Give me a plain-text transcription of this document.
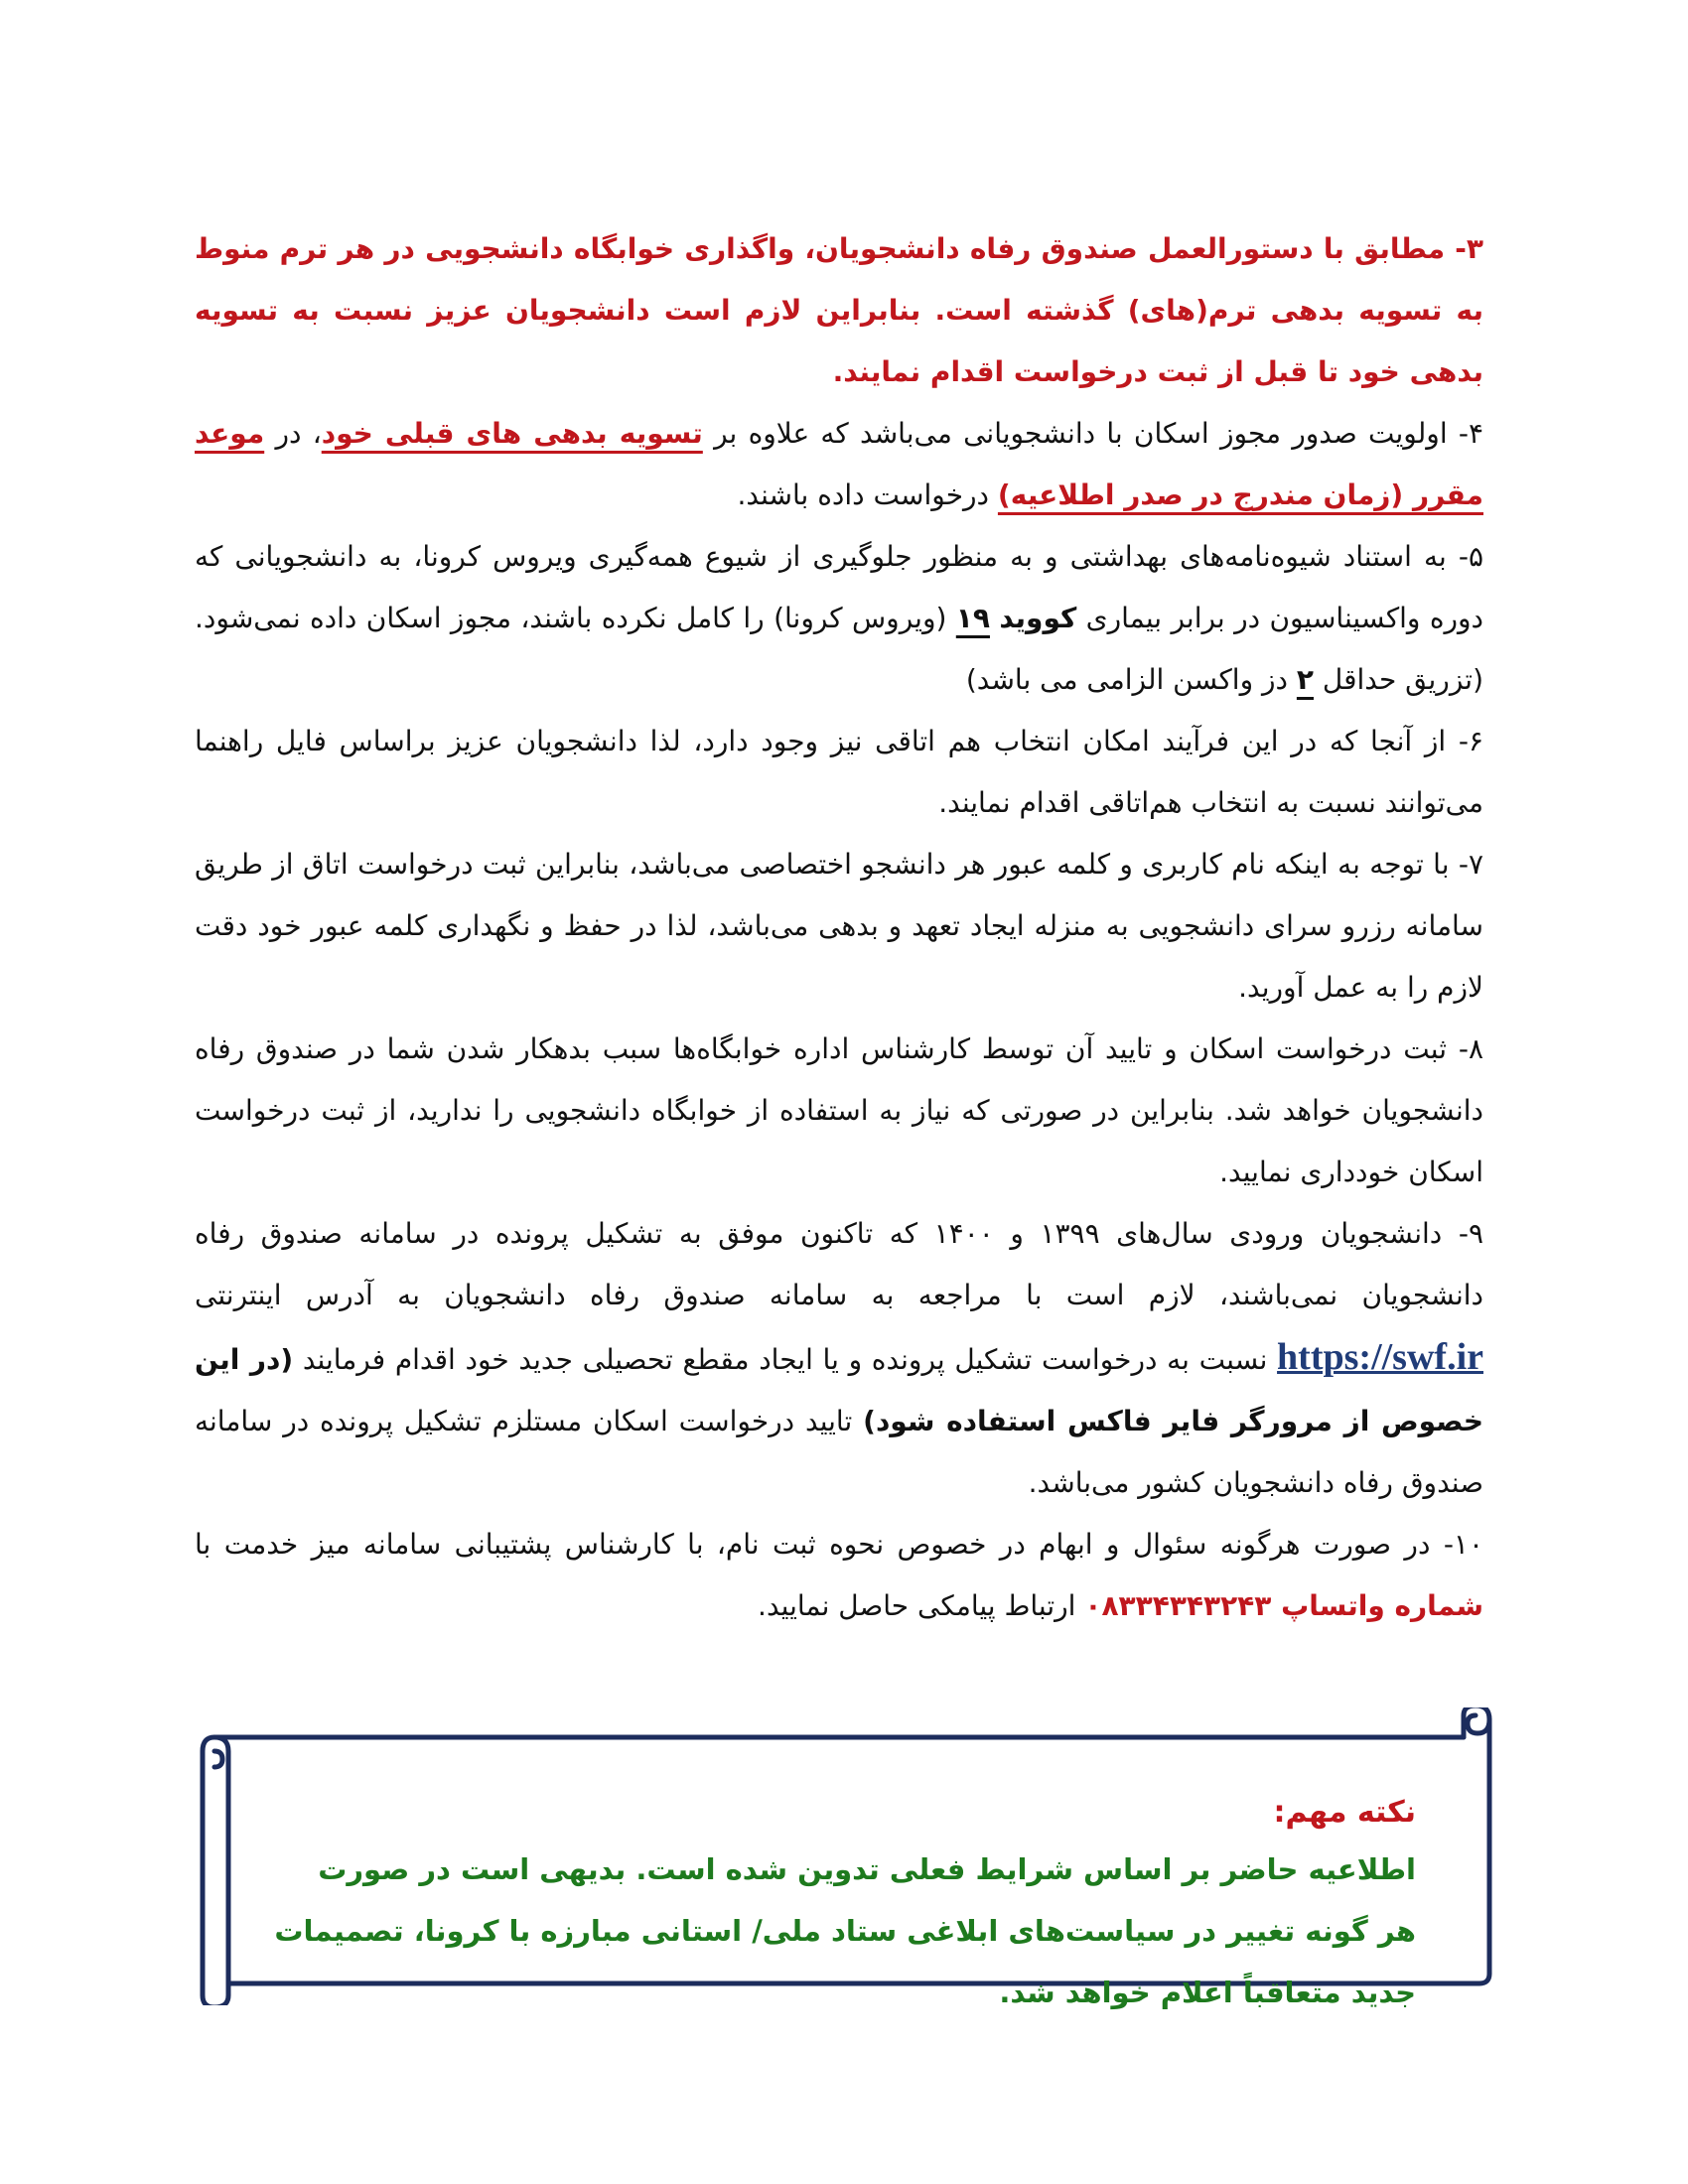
۳- مطابق با دستورالعمل صندوق رفاه دانشجویان، واگذاری خوابگاه دانشجویی در هر ترم منوط به تسویه بدهی ترم(های) گذشته است. بنابراین لازم است دانشجویان عزیز نسبت به تسویه بدهی خود تا قبل از ثبت درخواست اقدام نمایند.

۴- اولویت صدور مجوز اسکان با دانشجویانی می‌باشد که علاوه بر تسویه بدهی های قبلی خود، در موعد مقرر (زمان مندرج در صدر اطلاعیه) درخواست داده باشند.

۵- به استناد شیوه‌نامه‌های بهداشتی و به منظور جلوگیری از شیوع همه‌گیری ویروس کرونا، به دانشجویانی که دوره واکسیناسیون در برابر بیماری کووید ۱۹ (ویروس کرونا) را کامل نکرده باشند، مجوز اسکان داده نمی‌شود. (تزریق حداقل ۲ دز واکسن الزامی می باشد)

۶- از آنجا که در این فرآیند امکان انتخاب هم اتاقی نیز وجود دارد، لذا دانشجویان عزیز براساس فایل راهنما می‌توانند نسبت به انتخاب هم‌اتاقی اقدام نمایند.

۷- با توجه به اینکه نام کاربری و کلمه عبور هر دانشجو اختصاصی می‌باشد، بنابراین ثبت درخواست اتاق از طریق سامانه رزرو سرای دانشجویی به منزله ایجاد تعهد و بدهی می‌باشد، لذا در حفظ و نگهداری کلمه عبور خود دقت لازم را به عمل آورید.

۸- ثبت درخواست اسکان و تایید آن توسط کارشناس اداره خوابگاه‌ها سبب بدهکار شدن شما در صندوق رفاه دانشجویان خواهد شد. بنابراین در صورتی که نیاز به استفاده از خوابگاه دانشجویی را ندارید، از ثبت درخواست اسکان خودداری نمایید.

۹- دانشجویان ورودی سال‌های ۱۳۹۹ و ۱۴۰۰ که تاکنون موفق به تشکیل پرونده در سامانه صندوق رفاه دانشجویان نمی‌باشند، لازم است با مراجعه به سامانه صندوق رفاه دانشجویان به آدرس اینترنتی https://swf.ir نسبت به درخواست تشکیل پرونده و یا ایجاد مقطع تحصیلی جدید خود اقدام فرمایند (در این خصوص از مرورگر فایر فاکس استفاده شود) تایید درخواست اسکان مستلزم تشکیل پرونده در سامانه صندوق رفاه دانشجویان کشور می‌باشد.

۱۰- در صورت هرگونه سئوال و ابهام در خصوص نحوه ثبت نام، با کارشناس پشتیبانی سامانه میز خدمت با شماره واتساپ ۰۸۳۳۴۳۴۳۲۴۳ ارتباط پیامکی حاصل نمایید.

نکته مهم:

اطلاعیه حاضر بر اساس شرایط فعلی تدوین شده است. بدیهی است در صورت هر گونه تغییر در سیاست‌های ابلاغی ستاد ملی/ استانی مبارزه با کرونا، تصمیمات جدید متعاقباً اعلام خواهد شد.
